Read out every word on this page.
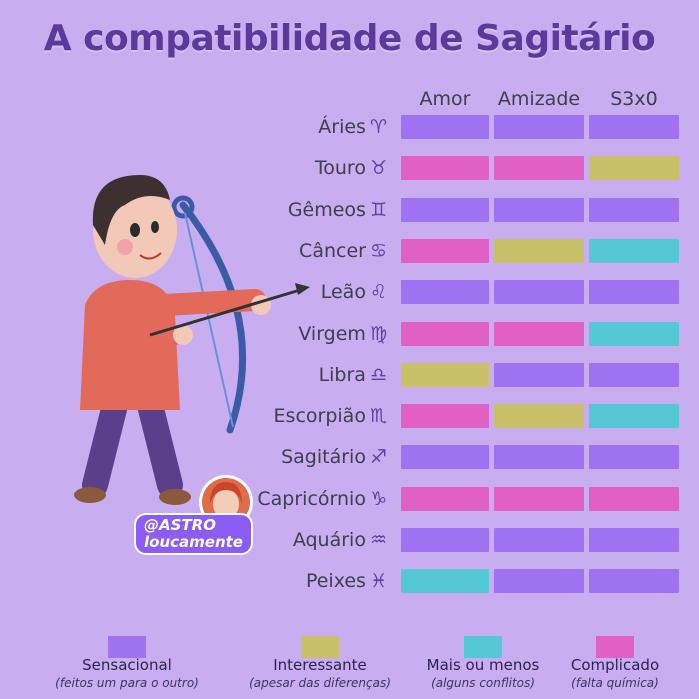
A compatibilidade de Sagitário
@ASTRO
loucamente
Amor	Amizade	S3x0
Áries ♈
Touro ♉
Gêmeos ♊
Câncer ♋
Leão ♌
Virgem ♍
Libra ♎
Escorpião ♏
Sagitário ♐
Capricórnio ♑
Aquário ♒
Peixes ♓
Sensacional
(feitos um para o outro)
Interessante
(apesar das diferenças)
Mais ou menos
(alguns conflitos)
Complicado
(falta química)
